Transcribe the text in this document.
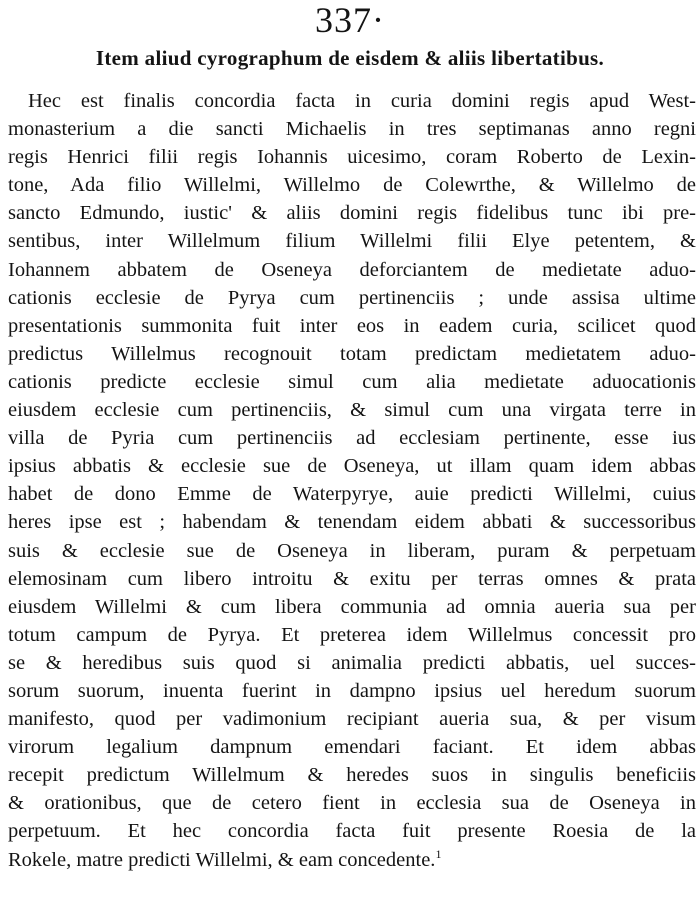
337·
Item aliud cyrographum de eisdem & aliis libertatibus.
Hec est finalis concordia facta in curia domini regis apud West-
monasterium a die sancti Michaelis in tres septimanas anno regni
regis Henrici filii regis Iohannis uicesimo, coram Roberto de Lexin-
tone, Ada filio Willelmi, Willelmo de Colewrthe, & Willelmo de
sancto Edmundo, iustic' & aliis domini regis fidelibus tunc ibi pre-
sentibus, inter Willelmum filium Willelmi filii Elye petentem, &
Iohannem abbatem de Oseneya deforciantem de medietate aduo-
cationis ecclesie de Pyrya cum pertinenciis ; unde assisa ultime
presentationis summonita fuit inter eos in eadem curia, scilicet quod
predictus Willelmus recognouit totam predictam medietatem aduo-
cationis predicte ecclesie simul cum alia medietate aduocationis
eiusdem ecclesie cum pertinenciis, & simul cum una virgata terre in
villa de Pyria cum pertinenciis ad ecclesiam pertinente, esse ius
ipsius abbatis & ecclesie sue de Oseneya, ut illam quam idem abbas
habet de dono Emme de Waterpyrye, auie predicti Willelmi, cuius
heres ipse est ; habendam & tenendam eidem abbati & successoribus
suis & ecclesie sue de Oseneya in liberam, puram & perpetuam
elemosinam cum libero introitu & exitu per terras omnes & prata
eiusdem Willelmi & cum libera communia ad omnia aueria sua per
totum campum de Pyrya. Et preterea idem Willelmus concessit pro
se & heredibus suis quod si animalia predicti abbatis, uel succes-
sorum suorum, inuenta fuerint in dampno ipsius uel heredum suorum
manifesto, quod per vadimonium recipiant aueria sua, & per visum
virorum legalium dampnum emendari faciant. Et idem abbas
recepit predictum Willelmum & heredes suos in singulis beneficiis
& orationibus, que de cetero fient in ecclesia sua de Oseneya in
perpetuum. Et hec concordia facta fuit presente Roesia de la
Rokele, matre predicti Willelmi, & eam concedente.$^1$
